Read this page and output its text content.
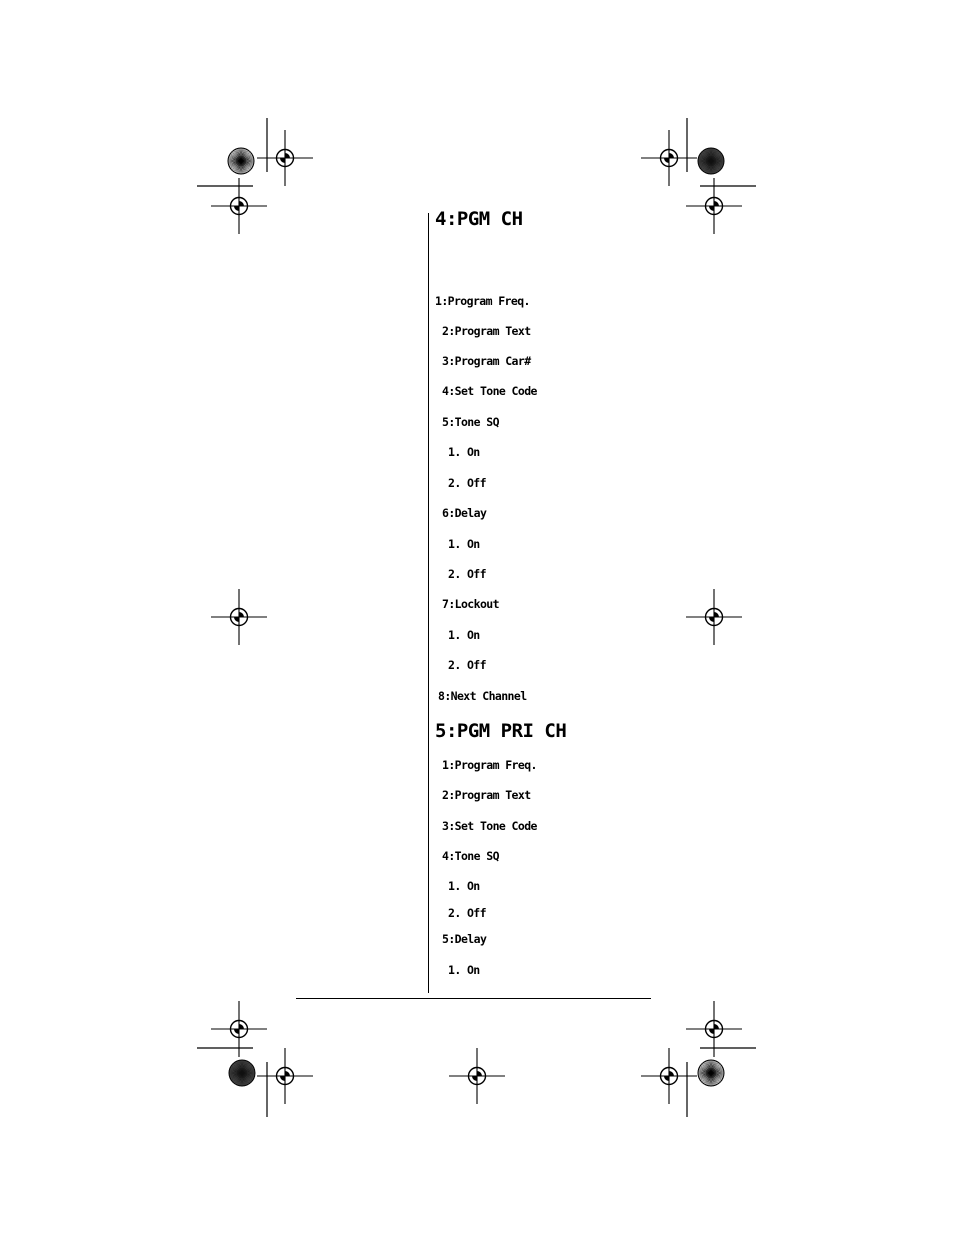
4:PGM CH
1:Program Freq.
2:Program Text
3:Program Car#
4:Set Tone Code
5:Tone SQ
1. On
2. Off
6:Delay
1. On
2. Off
7:Lockout
1. On
2. Off
8:Next Channel
5:PGM PRI CH
1:Program Freq.
2:Program Text
3:Set Tone Code
4:Tone SQ
1. On
2. Off
5:Delay
1. On
